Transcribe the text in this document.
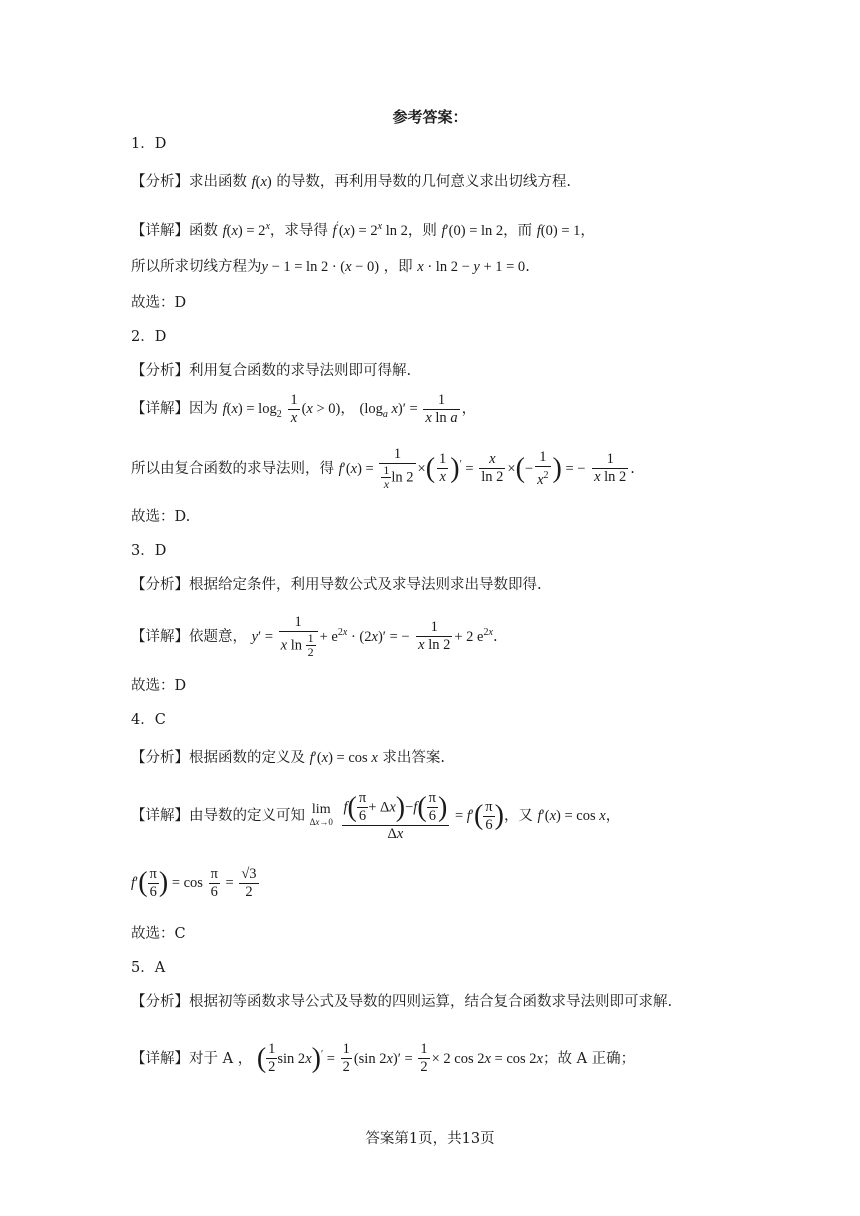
参考答案：
1．D
【分析】求出函数 f(x) 的导数，再利用导数的几何意义求出切线方程.
【详解】函数 $f(x) = 2^x$，求导得 $f'(x) = 2^x$ ln 2，则 f′(0) = ln 2，而 f(0) = 1，
所以所求切线方程为y − 1 = ln 2 · (x − 0) ，即 x · ln 2 − y + 1 = 0.
故选：D
2．D
【分析】利用复合函数的求导法则即可得解.
【详解】因为 $f(x) = \log_2 \frac{1}{x} (x > 0)$， ($\log_a$ $x)' = \frac{1}{\text{x ln a}}$ ，
所以由复合函数的求导法则，得 $f'(x) = \frac{1}{\frac{1}{x} \ln 2}$ ×( $\frac{1}{x} )' = \frac{x}{\ln 2}$ ×(− $\frac{1}{x^2}$ ) = − $\frac{1}{\text{x ln 2}}$ .
故选：D.
3．D
【分析】根据给定条件，利用导数公式及求导法则求出导数即得.
【详解】依题意， $y' = \frac{1}{x \ln \frac{1}{2}} + e^{2x} \cdot (2x)'$ = − $\frac{1}{\text{x ln 2}} + 2$ $e^{2x}$.
故选：D
4．C
【分析】根据函数的定义及 f′(x) = cos x 求出答案.
【详解】由导数的定义可知 lim
Δx→0
$\frac{f( \frac{\pi}{6} + \Delta x)-f( \frac{\pi}{6} )}{\Delta x} = f'( \frac{\pi}{6}$ )，又 f′(x) = cos x，
$f'( \frac{\pi}{6}$ ) = $\cos \frac{\pi}{6} = \frac{√3}{2}$
故选：C
5．A
【分析】根据初等函数求导公式及导数的四则运算，结合复合函数求导法则即可求解.
【详解】对于 A ， ( $\frac{1}{2}$ $\sin 2x)' = \frac{1}{2} (\sin$ $2x)' = \frac{1}{2} \times 2$ cos 2x = cos 2x；故 A 正确；
答案第1页，共13页
